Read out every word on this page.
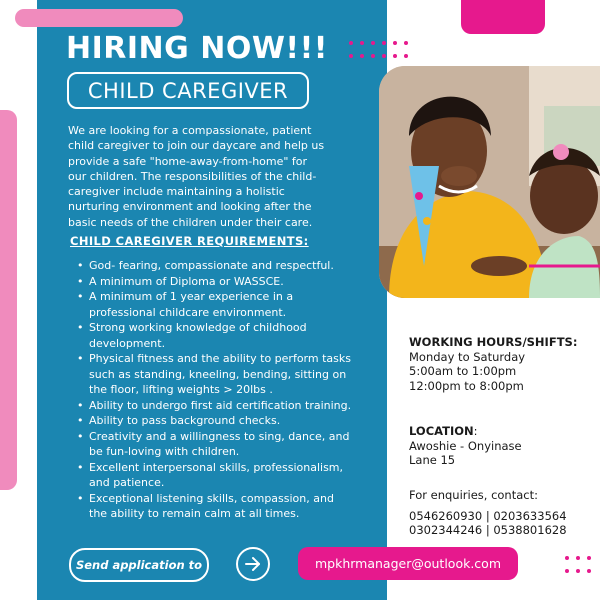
HIRING NOW!!!
CHILD CAREGIVER
We are looking for a compassionate, patient
child caregiver to join our daycare and help us
provide a safe "home-away-from-home" for
our children. The responsibilities of the child-
caregiver include maintaining a holistic
nurturing environment and looking after the
basic needs of the children under their care.
CHILD CAREGIVER REQUIREMENTS:
• God- fearing, compassionate and respectful.
• A minimum of Diploma or WASSCE.
• A minimum of 1 year experience in a
professional childcare environment.
• Strong working knowledge of childhood
development.
• Physical fitness and the ability to perform tasks
such as standing, kneeling, bending, sitting on
the floor, lifting weights > 20lbs .
• Ability to undergo first aid certification training.
• Ability to pass background checks.
• Creativity and a willingness to sing, dance, and
be fun-loving with children.
• Excellent interpersonal skills, professionalism,
and patience.
• Exceptional listening skills, compassion, and
the ability to remain calm at all times.
Send application to	mpkhrmanager@outlook.com
WORKING HOURS/SHIFTS:
Monday to Saturday
5:00am to 1:00pm
12:00pm to 8:00pm
LOCATION:
Awoshie - Onyinase
Lane 15
For enquiries, contact:
0546260930 | 0203633564
0302344246 | 0538801628
